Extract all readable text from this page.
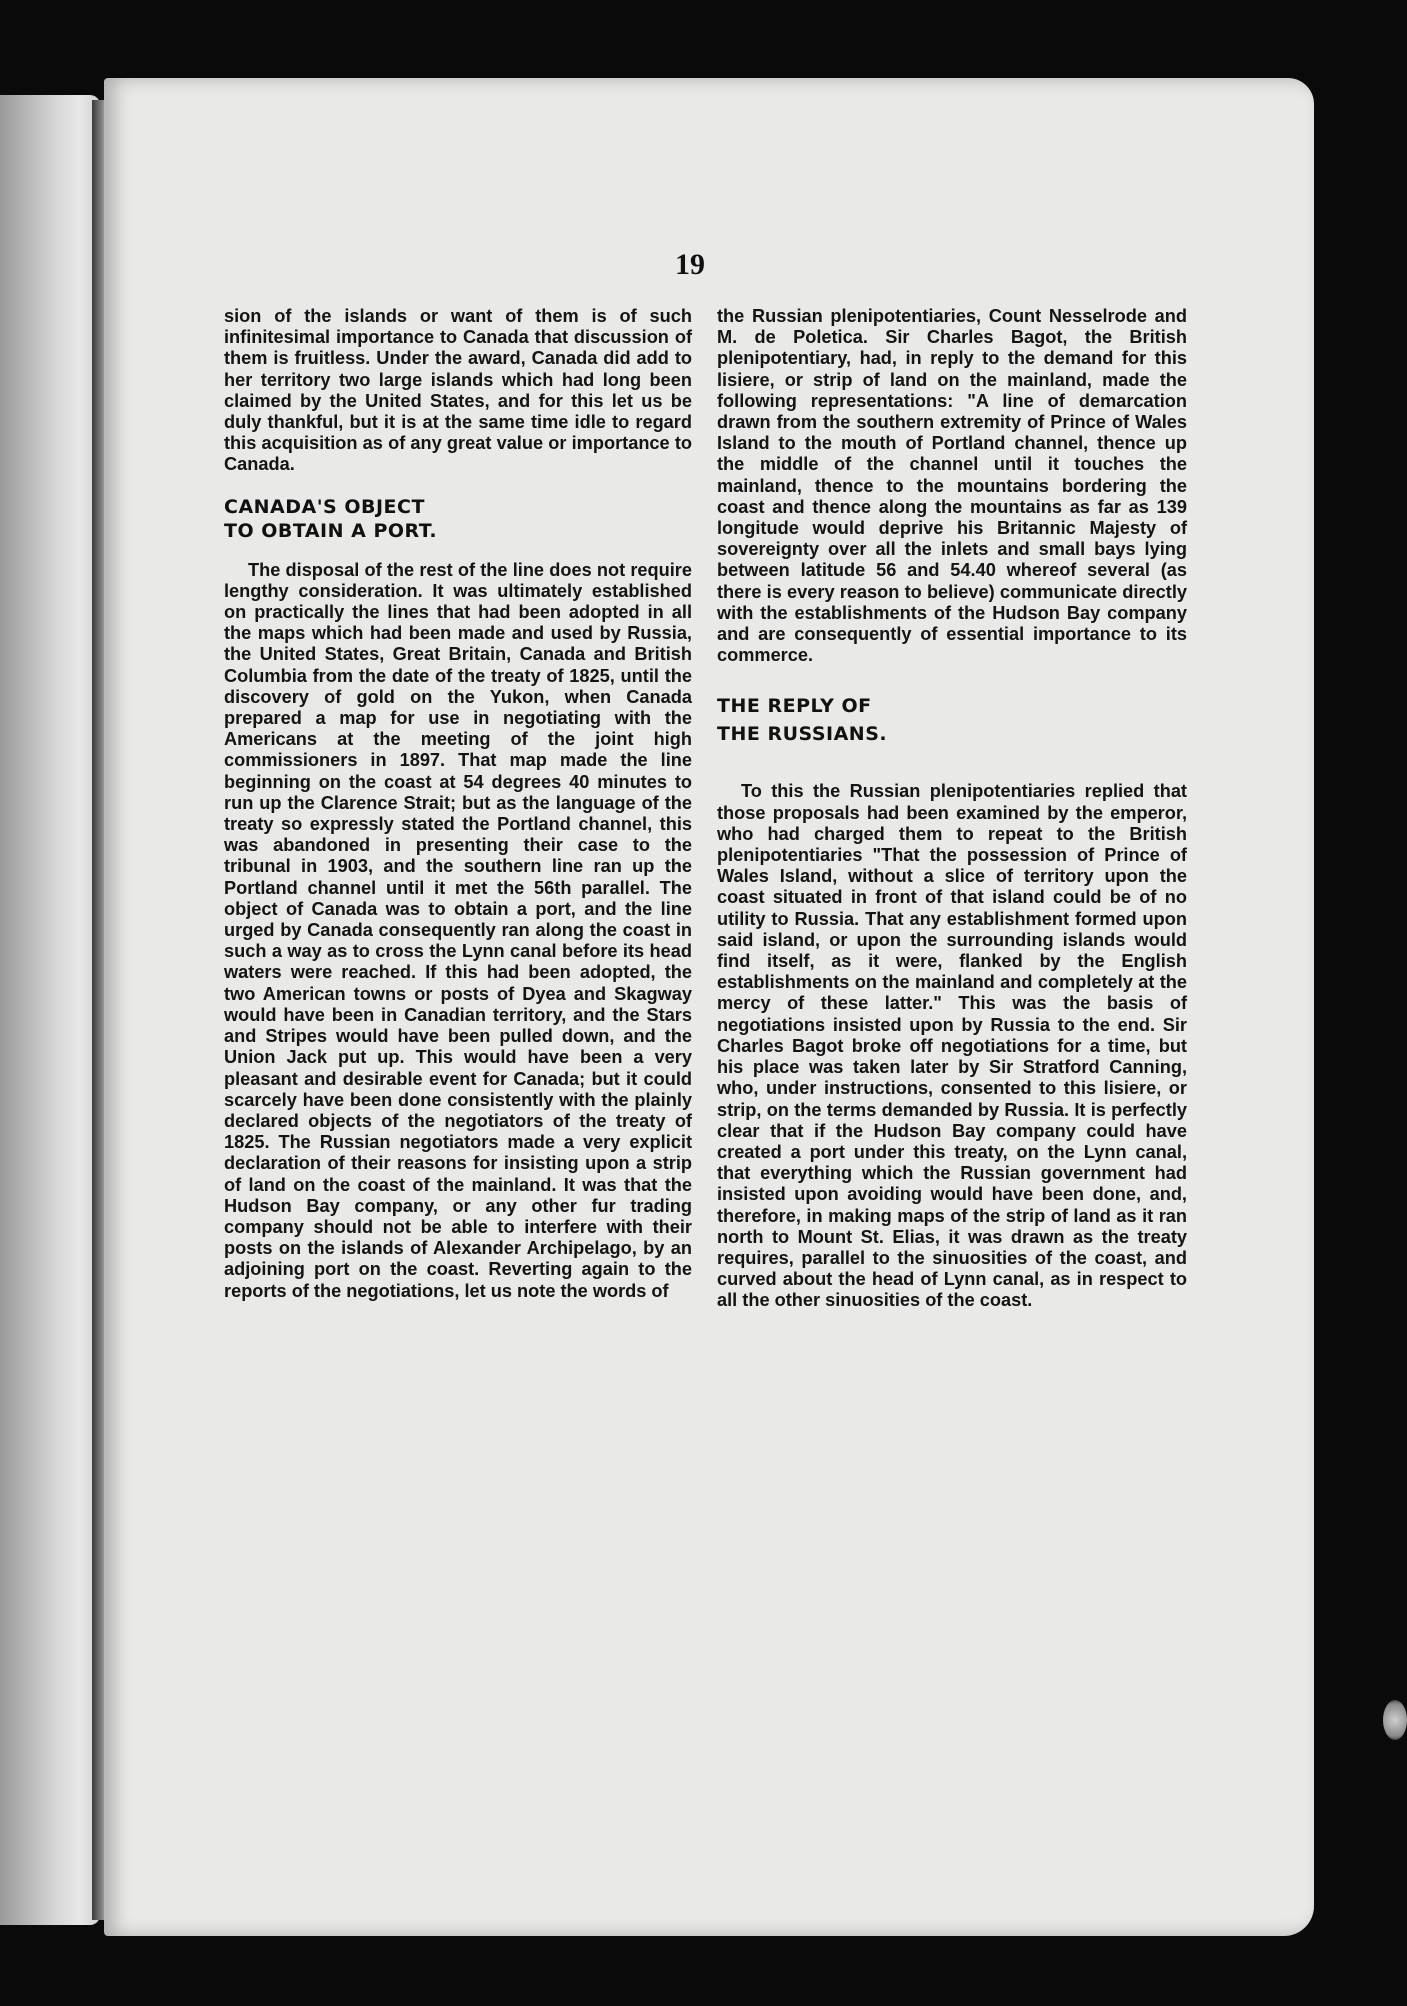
19

sion of the islands or want of them is of such infinitesimal importance to Canada that discussion of them is fruitless. Under the award, Canada did add to her territory two large islands which had long been claimed by the United States, and for this let us be duly thankful, but it is at the same time idle to regard this acquisition as of any great value or importance to Canada.

CANADA'S OBJECT
TO OBTAIN A PORT.

The disposal of the rest of the line does not require lengthy consideration. It was ultimately established on practically the lines that had been adopted in all the maps which had been made and used by Russia, the United States, Great Britain, Canada and British Columbia from the date of the treaty of 1825, until the discovery of gold on the Yukon, when Canada prepared a map for use in negotiating with the Americans at the meeting of the joint high commissioners in 1897. That map made the line beginning on the coast at 54 degrees 40 minutes to run up the Clarence Strait; but as the language of the treaty so expressly stated the Portland channel, this was abandoned in presenting their case to the tribunal in 1903, and the southern line ran up the Portland channel until it met the 56th parallel. The object of Canada was to obtain a port, and the line urged by Canada consequently ran along the coast in such a way as to cross the Lynn canal before its head waters were reached. If this had been adopted, the two American towns or posts of Dyea and Skagway would have been in Canadian territory, and the Stars and Stripes would have been pulled down, and the Union Jack put up. This would have been a very pleasant and desirable event for Canada; but it could scarcely have been done consistently with the plainly declared objects of the negotiators of the treaty of 1825. The Russian negotiators made a very explicit declaration of their reasons for insisting upon a strip of land on the coast of the mainland. It was that the Hudson Bay company, or any other fur trading company should not be able to interfere with their posts on the islands of Alexander Archipelago, by an adjoining port on the coast. Reverting again to the reports of the negotiations, let us note the words of

the Russian plenipotentiaries, Count Nesselrode and M. de Poletica. Sir Charles Bagot, the British plenipotentiary, had, in reply to the demand for this lisiere, or strip of land on the mainland, made the following representations: "A line of demarcation drawn from the southern extremity of Prince of Wales Island to the mouth of Portland channel, thence up the middle of the channel until it touches the mainland, thence to the mountains bordering the coast and thence along the mountains as far as 139 longitude would deprive his Britannic Majesty of sovereignty over all the inlets and small bays lying between latitude 56 and 54.40 whereof several (as there is every reason to believe) communicate directly with the establishments of the Hudson Bay company and are consequently of essential importance to its commerce.

THE REPLY OF
THE RUSSIANS.

To this the Russian plenipotentiaries replied that those proposals had been examined by the emperor, who had charged them to repeat to the British plenipotentiaries "That the possession of Prince of Wales Island, without a slice of territory upon the coast situated in front of that island could be of no utility to Russia. That any establishment formed upon said island, or upon the surrounding islands would find itself, as it were, flanked by the English establishments on the mainland and completely at the mercy of these latter." This was the basis of negotiations insisted upon by Russia to the end. Sir Charles Bagot broke off negotiations for a time, but his place was taken later by Sir Stratford Canning, who, under instructions, consented to this lisiere, or strip, on the terms demanded by Russia. It is perfectly clear that if the Hudson Bay company could have created a port under this treaty, on the Lynn canal, that everything which the Russian government had insisted upon avoiding would have been done, and, therefore, in making maps of the strip of land as it ran north to Mount St. Elias, it was drawn as the treaty requires, parallel to the sinuosities of the coast, and curved about the head of Lynn canal, as in respect to all the other sinuosities of the coast.
